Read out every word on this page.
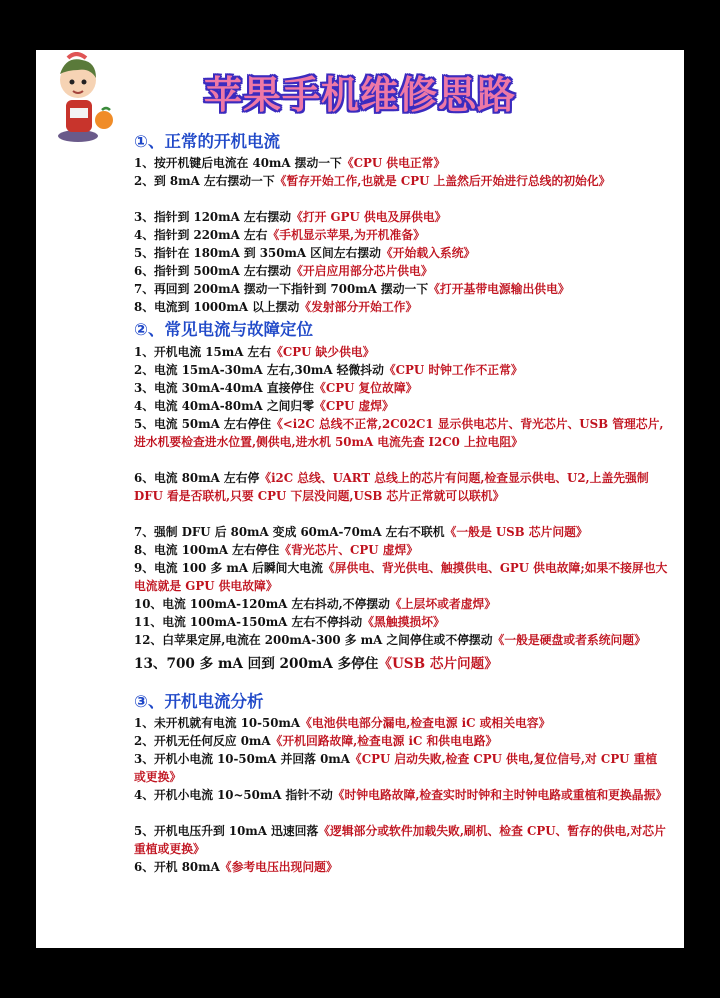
苹果手机维修思路
①、正常的开机电流
1、按开机键后电流在 40mA 摆动一下《CPU 供电正常》
2、到 8mA 左右摆动一下《暂存开始工作,也就是 CPU 上盖然后开始进行总线的初始化》
3、指针到 120mA 左右摆动《打开 GPU 供电及屏供电》
4、指针到 220mA 左右《手机显示苹果,为开机准备》
5、指针在 180mA 到 350mA 区间左右摆动《开始载入系统》
6、指针到 500mA 左右摆动《开启应用部分芯片供电》
7、再回到 200mA 摆动一下指针到 700mA 摆动一下《打开基带电源输出供电》
8、电流到 1000mA 以上摆动《发射部分开始工作》
②、常见电流与故障定位
1、开机电流 15mA 左右《CPU 缺少供电》
2、电流 15mA-30mA 左右,30mA 轻微抖动《CPU 时钟工作不正常》
3、电流 30mA-40mA 直接停住《CPU 复位故障》
4、电流 40mA-80mA 之间归零《CPU 虚焊》
5、电流 50mA 左右停住《<i2C 总线不正常,2C02C1 显示供电芯片、背光芯片、USB 管理芯片,进水机要检查进水位置,侧供电,进水机 50mA 电流先查 I2C0 上拉电阻》
6、电流 80mA 左右停《i2C 总线、UART 总线上的芯片有问题,检查显示供电、U2,上盖先强制 DFU 看是否联机,只要 CPU 下层没问题,USB 芯片正常就可以联机》
7、强制 DFU 后 80mA 变成 60mA-70mA 左右不联机《一般是 USB 芯片问题》
8、电流 100mA 左右停住《背光芯片、CPU 虚焊》
9、电流 100 多 mA 后瞬间大电流《屏供电、背光供电、触摸供电、GPU 供电故障;如果不接屏也大电流就是 GPU 供电故障》
10、电流 100mA-120mA 左右抖动,不停摆动《上层坏或者虚焊》
11、电流 100mA-150mA 左右不停抖动《黑触摸损坏》
12、白苹果定屏,电流在 200mA-300 多 mA 之间停住或不停摆动《一般是硬盘或者系统问题》
13、700 多 mA 回到 200mA 多停住《USB 芯片问题》
③、开机电流分析
1、未开机就有电流 10-50mA《电池供电部分漏电,检查电源 iC 或相关电容》
2、开机无任何反应 0mA《开机回路故障,检查电源 iC 和供电电路》
3、开机小电流 10-50mA 并回落 0mA《CPU 启动失败,检查 CPU 供电,复位信号,对 CPU 重植或更换》
4、开机小电流 10~50mA 指针不动《时钟电路故障,检查实时时钟和主时钟电路或重植和更换晶振》
5、开机电压升到 10mA 迅速回落《逻辑部分或软件加载失败,刷机、检查 CPU、暂存的供电,对芯片重植或更换》
6、开机 80mA《参考电压出现问题》
